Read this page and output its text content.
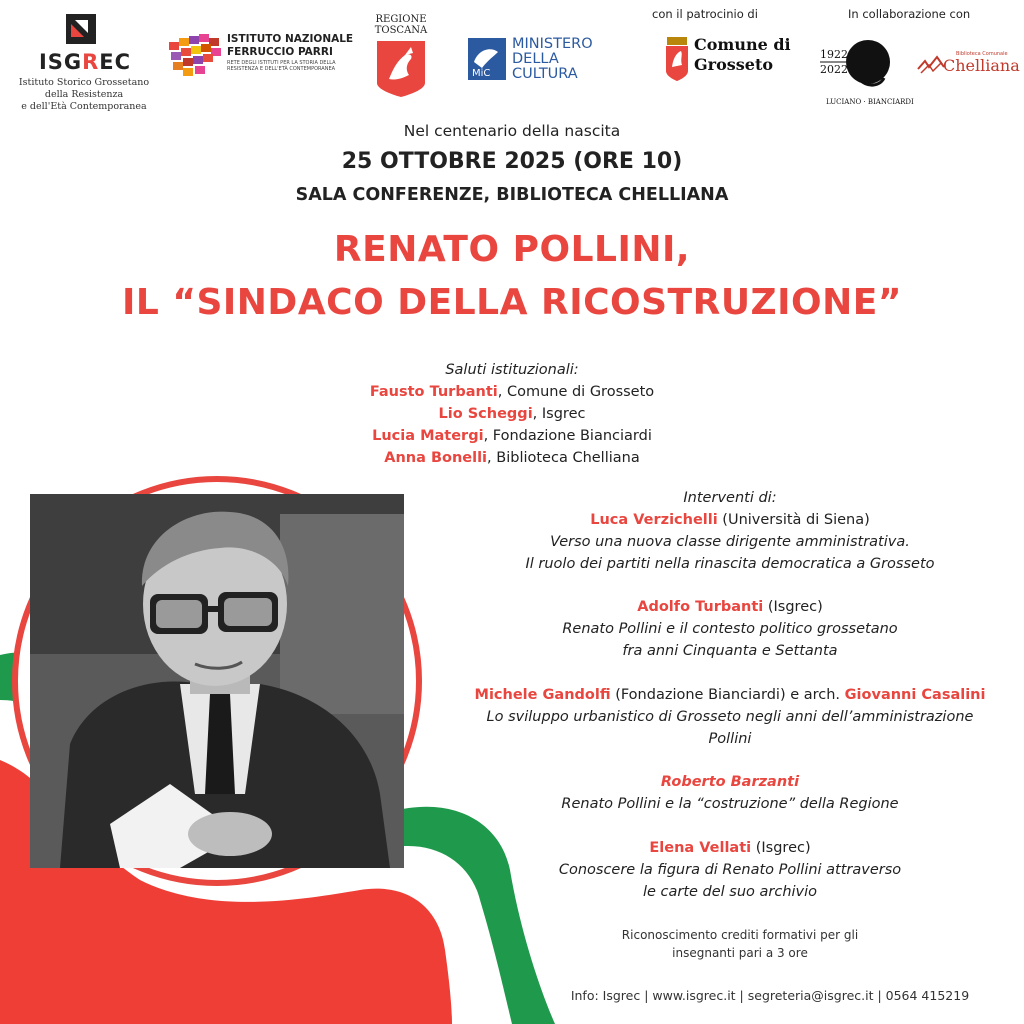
ISGREC
Istituto Storico Grossetano
della Resistenza
e dell'Età Contemporanea
ISTITUTO NAZIONALE
FERRUCCIO PARRI
RETE DEGLI ISTITUTI PER LA STORIA DELLA RESISTENZA E DELL'ETÀ CONTEMPORANEA
REGIONE
TOSCANA
MiC
MINISTERO
DELLA
CULTURA
con il patrocinio di
Comune di
Grosseto
In collaborazione con
1922
2022
LUCIANO · BIANCIARDI
Biblioteca Comunale
Chelliana
Nel centenario della nascita
25 OTTOBRE 2025 (ORE 10)
SALA CONFERENZE, BIBLIOTECA CHELLIANA
RENATO POLLINI,
IL “SINDACO DELLA RICOSTRUZIONE”
Saluti istituzionali:
Fausto Turbanti, Comune di Grosseto
Lio Scheggi, Isgrec
Lucia Matergi, Fondazione Bianciardi
Anna Bonelli, Biblioteca Chelliana
Interventi di:
Luca Verzichelli (Università di Siena)
Verso una nuova classe dirigente amministrativa.
Il ruolo dei partiti nella rinascita democratica a Grosseto
Adolfo Turbanti (Isgrec)
Renato Pollini e il contesto politico grossetano
fra anni Cinquanta e Settanta
Michele Gandolfi (Fondazione Bianciardi) e arch. Giovanni Casalini
Lo sviluppo urbanistico di Grosseto negli anni dell’amministrazione
Pollini
Roberto Barzanti
Renato Pollini e la “costruzione” della Regione
Elena Vellati (Isgrec)
Conoscere la figura di Renato Pollini attraverso
le carte del suo archivio
Riconoscimento crediti formativi per gli
insegnanti pari a 3 ore
Info: Isgrec | www.isgrec.it | segreteria@isgrec.it | 0564 415219
